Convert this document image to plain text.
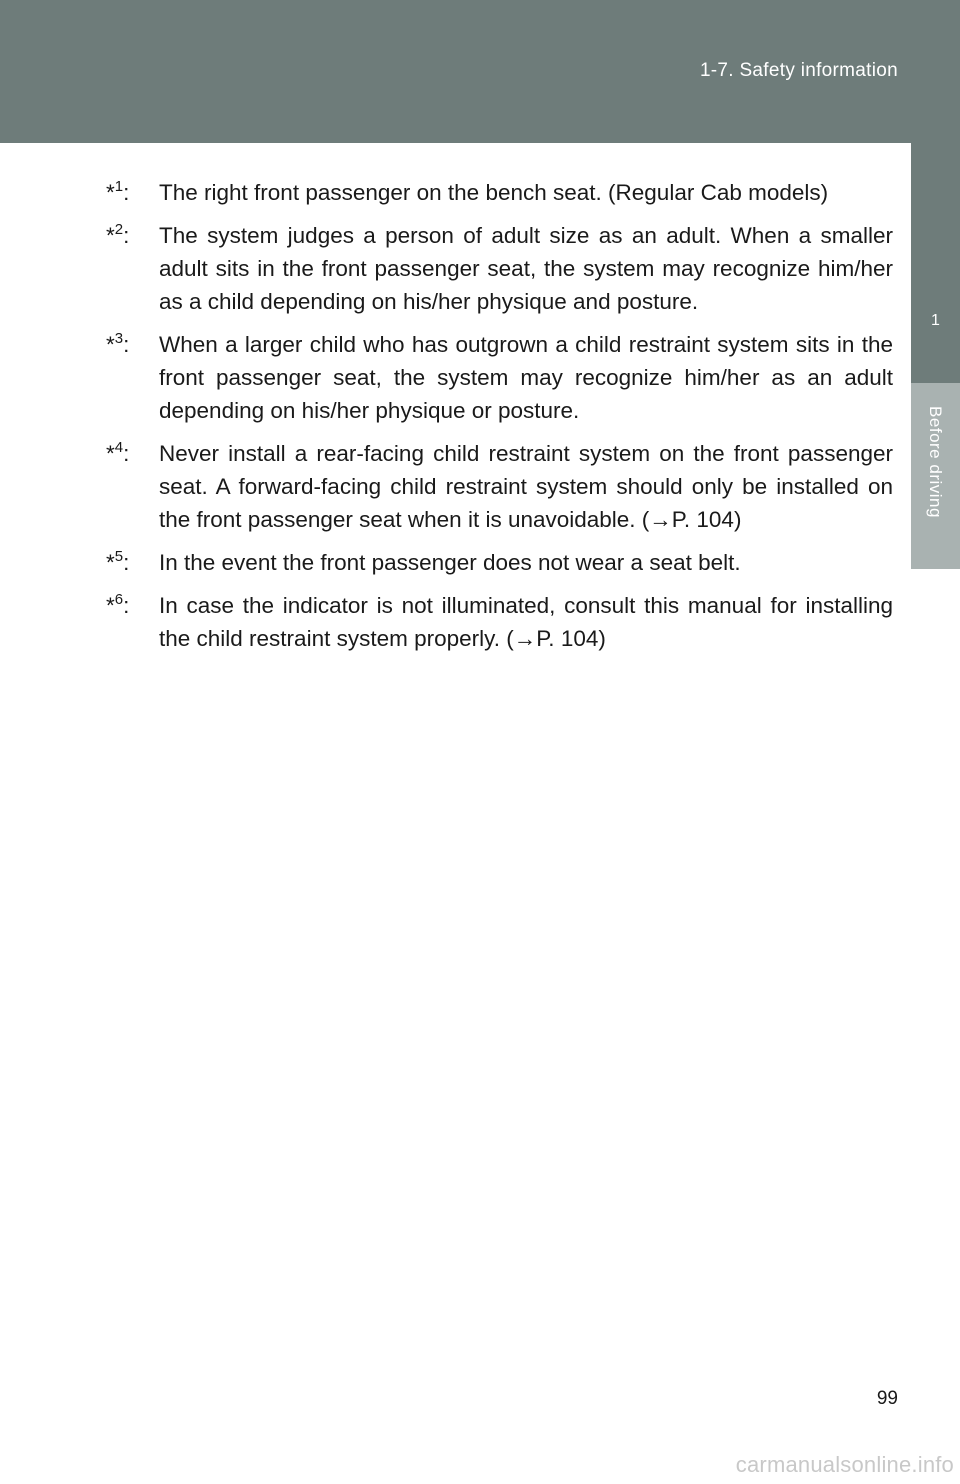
1-7. Safety information
1
Before driving
*$^1$: The right front passenger on the bench seat. (Regular Cab models)
*$^2$: The system judges a person of adult size as an adult. When a smaller adult sits in the front passenger seat, the system may recognize him/her as a child depending on his/her physique and posture.
*$^3$: When a larger child who has outgrown a child restraint system sits in the front passenger seat, the system may recognize him/her as an adult depending on his/her physique or posture.
*$^4$: Never install a rear-facing child restraint system on the front passenger seat. A forward-facing child restraint system should only be installed on the front passenger seat when it is unavoidable. (→P. 104)
*$^5$: In the event the front passenger does not wear a seat belt.
*$^6$: In case the indicator is not illuminated, consult this manual for installing the child restraint system properly. (→P. 104)
99
carmanualsonline.info
